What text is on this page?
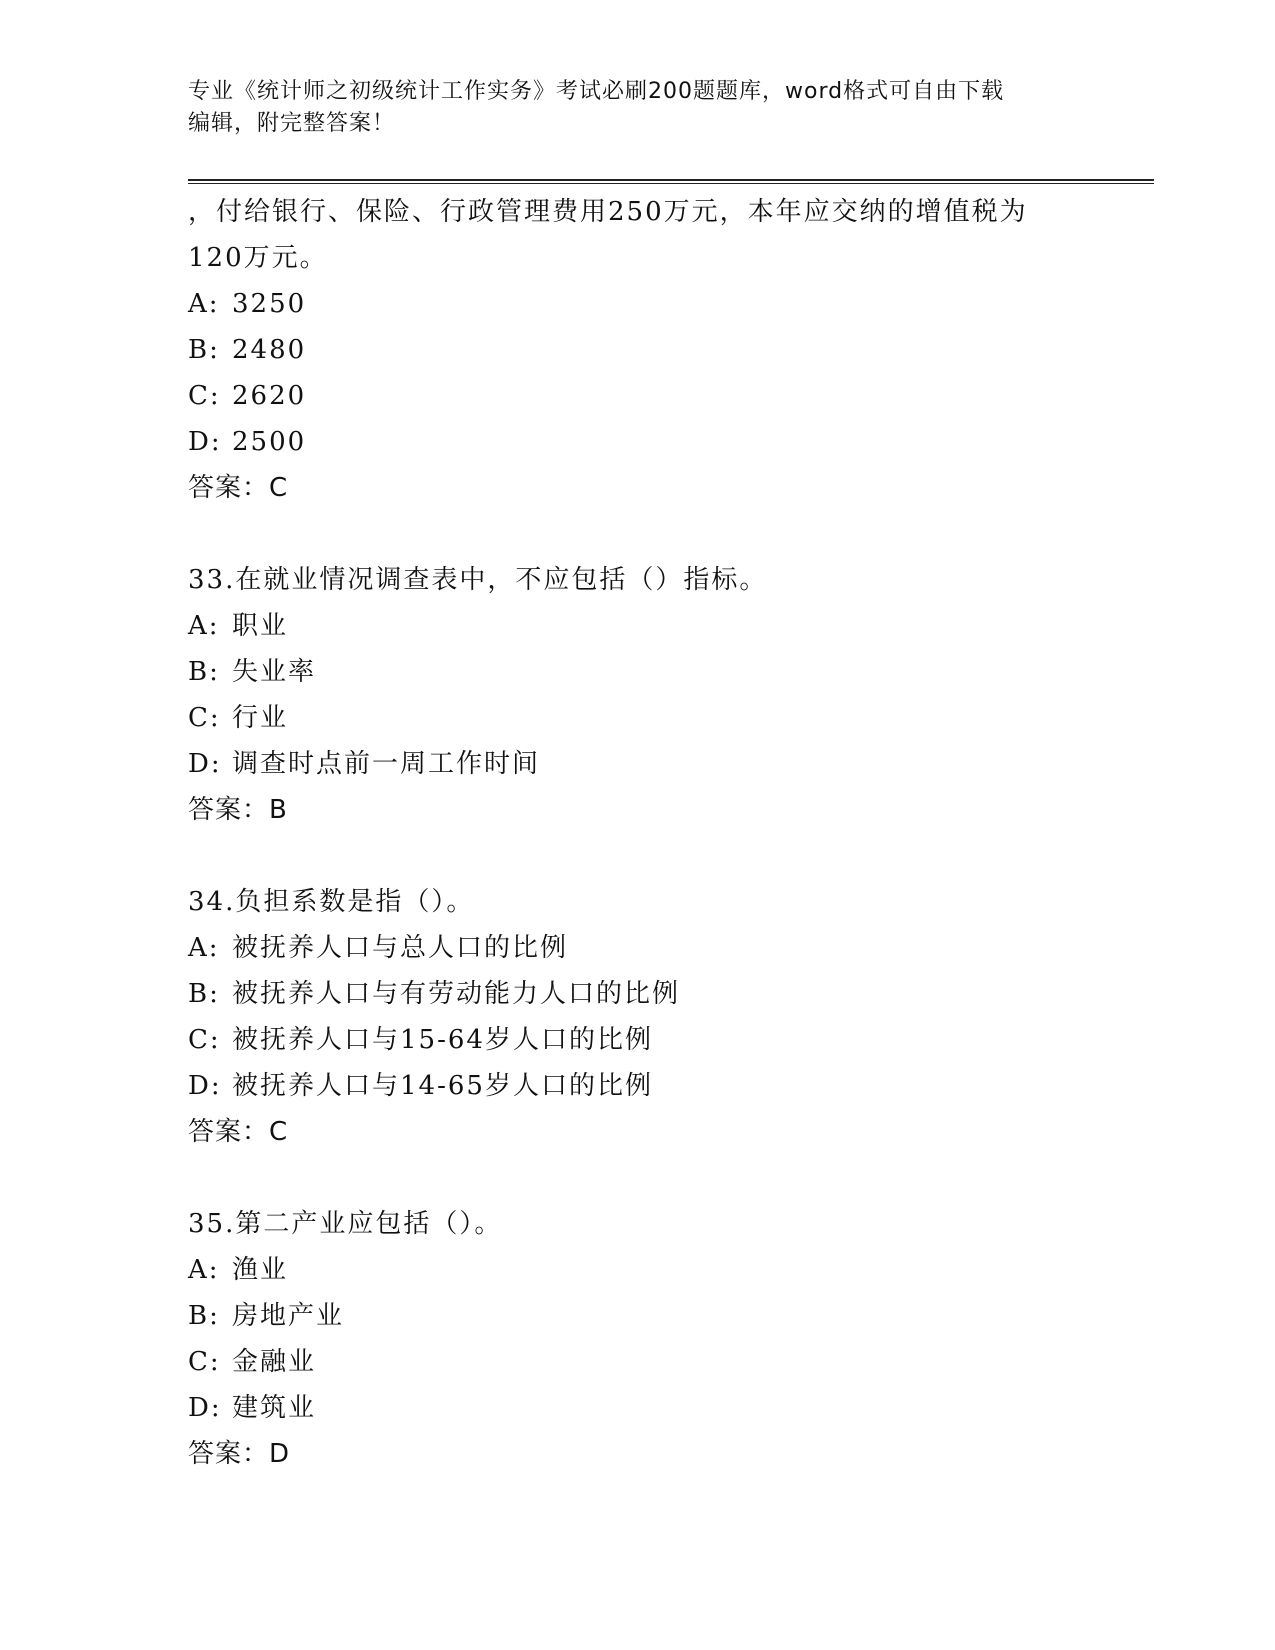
专业《统计师之初级统计工作实务》考试必刷200题题库，word格式可自由下载
编辑，附完整答案！
，付给银行、保险、行政管理费用250万元，本年应交纳的增值税为
120万元。
A: 3250
B: 2480
C: 2620
D: 2500
答案：C
33.在就业情况调查表中，不应包括（）指标。
A: 职业
B: 失业率
C: 行业
D: 调查时点前一周工作时间
答案：B
34.负担系数是指（）。
A: 被抚养人口与总人口的比例
B: 被抚养人口与有劳动能力人口的比例
C: 被抚养人口与15-64岁人口的比例
D: 被抚养人口与14-65岁人口的比例
答案：C
35.第二产业应包括（）。
A: 渔业
B: 房地产业
C: 金融业
D: 建筑业
答案：D
